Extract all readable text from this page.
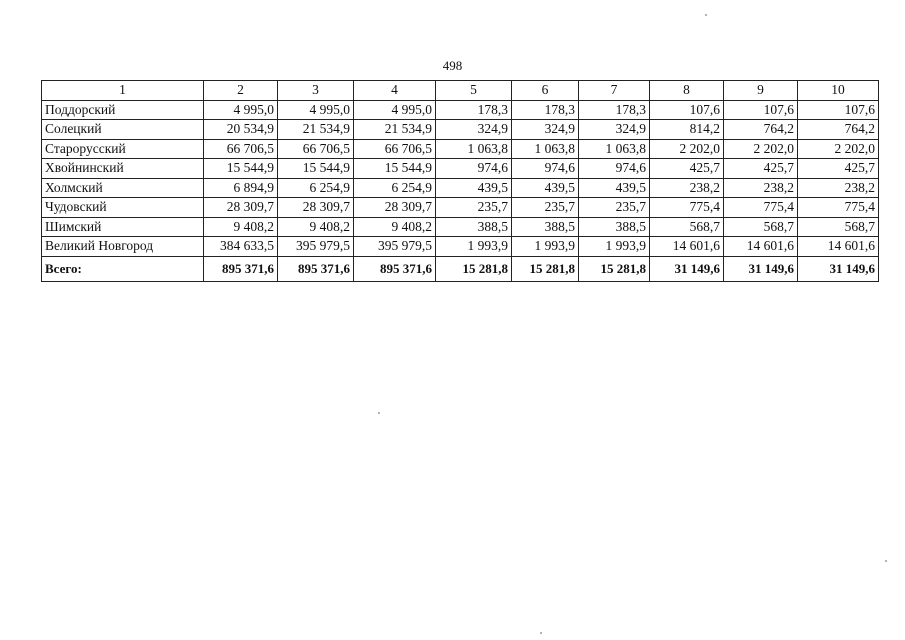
498
1	2	3	4	5	6	7	8	9	10
Поддорский	4 995,0	4 995,0	4 995,0	178,3	178,3	178,3	107,6	107,6	107,6
Солецкий	20 534,9	21 534,9	21 534,9	324,9	324,9	324,9	814,2	764,2	764,2
Старорусский	66 706,5	66 706,5	66 706,5	1 063,8	1 063,8	1 063,8	2 202,0	2 202,0	2 202,0
Хвойнинский	15 544,9	15 544,9	15 544,9	974,6	974,6	974,6	425,7	425,7	425,7
Холмский	6 894,9	6 254,9	6 254,9	439,5	439,5	439,5	238,2	238,2	238,2
Чудовский	28 309,7	28 309,7	28 309,7	235,7	235,7	235,7	775,4	775,4	775,4
Шимский	9 408,2	9 408,2	9 408,2	388,5	388,5	388,5	568,7	568,7	568,7
Великий Новгород	384 633,5	395 979,5	395 979,5	1 993,9	1 993,9	1 993,9	14 601,6	14 601,6	14 601,6
Всего:	895 371,6	895 371,6	895 371,6	15 281,8	15 281,8	15 281,8	31 149,6	31 149,6	31 149,6
